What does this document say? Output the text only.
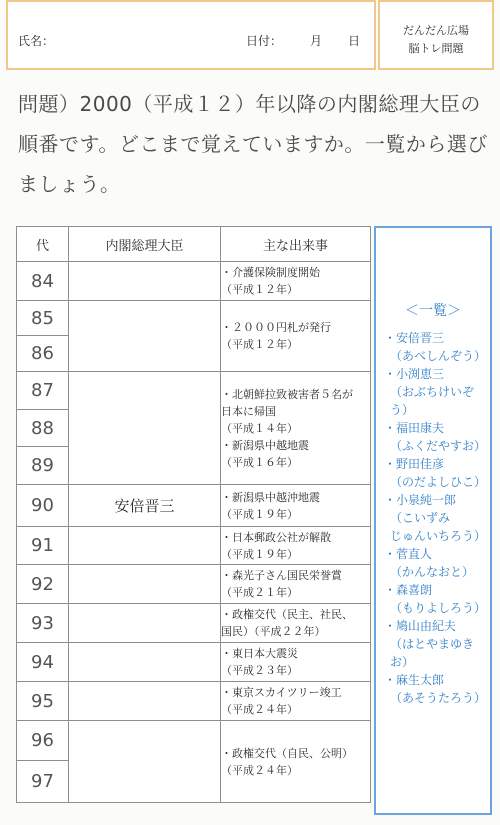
氏名：	日付： 月 日
だんだん広場
脳トレ問題
問題）2000（平成１２）年以降の内閣総理大臣の順番です。どこまで覚えていますか。一覧から選びましょう。
代	内閣総理大臣	主な出来事
84		・介護保険制度開始
（平成１２年）

85		・２０００円札が発行
（平成１２年）

86		
87		・北朝鮮拉致被害者５名が
日本に帰国
（平成１４年）
・新潟県中越地震
（平成１６年）

88		
89		
90	安倍晋三	・新潟県中越沖地震
（平成１９年）

91		・日本郵政公社が解散
（平成１９年）

92		・森光子さん国民栄誉賞
（平成２１年）

93		・政権交代（民主、社民、
国民）（平成２２年）

94		・東日本大震災
（平成２３年）

95		・東京スカイツリー竣工
（平成２４年）

96		・政権交代（自民、公明）
（平成２４年）

97		
＜一覧＞
・安倍晋三
（あべしんぞう）
・小渕恵三
（おぶちけいぞう）
・福田康夫
（ふくだやすお）
・野田佳彦
（のだよしひこ）
・小泉純一郎
（こいずみ
じゅんいちろう）
・菅直人
（かんなおと）
・森喜朗
（もりよしろう）
・鳩山由紀夫
（はとやまゆきお）
・麻生太郎
（あそうたろう）
